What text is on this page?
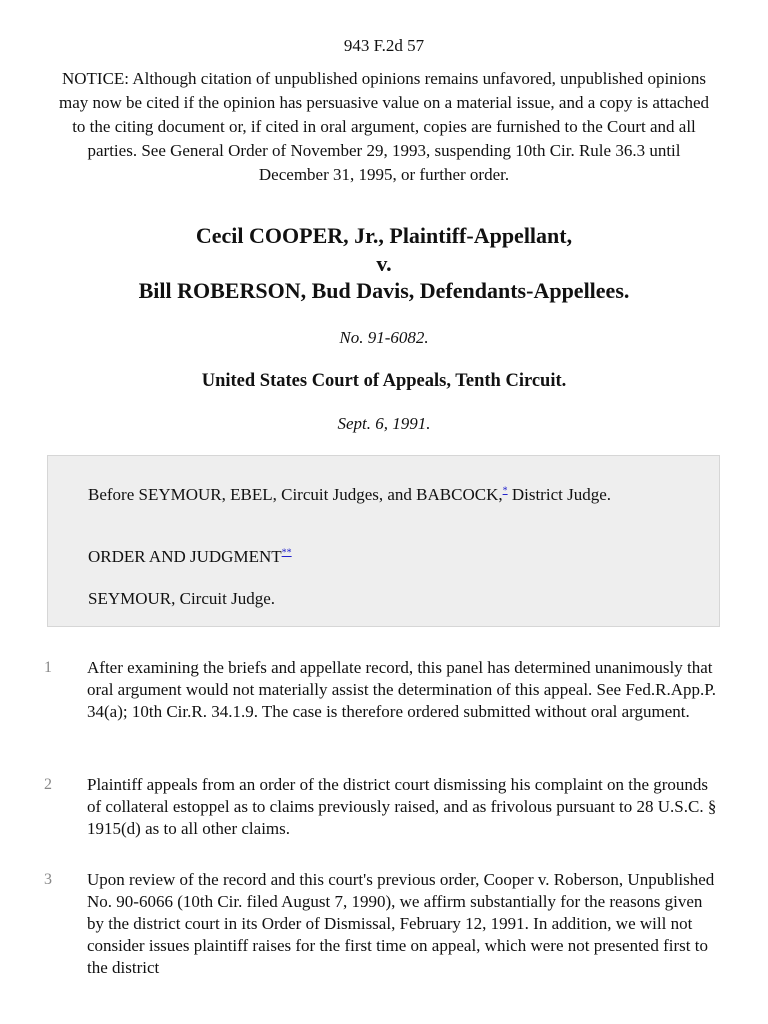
943 F.2d 57
NOTICE: Although citation of unpublished opinions remains unfavored, unpublished opinions may now be cited if the opinion has persuasive value on a material issue, and a copy is attached to the citing document or, if cited in oral argument, copies are furnished to the Court and all parties. See General Order of November 29, 1993, suspending 10th Cir. Rule 36.3 until December 31, 1995, or further order.
Cecil COOPER, Jr., Plaintiff-Appellant,
v.
Bill ROBERSON, Bud Davis, Defendants-Appellees.
No. 91-6082.
United States Court of Appeals, Tenth Circuit.
Sept. 6, 1991.

Before SEYMOUR, EBEL, Circuit Judges, and BABCOCK,* District Judge.

ORDER AND JUDGMENT**

SEYMOUR, Circuit Judge.

1	After examining the briefs and appellate record, this panel has determined unanimously that oral argument would not materially assist the determination of this appeal. See Fed.R.App.P. 34(a); 10th Cir.R. 34.1.9. The case is therefore ordered submitted without oral argument.

2	Plaintiff appeals from an order of the district court dismissing his complaint on the grounds of collateral estoppel as to claims previously raised, and as frivolous pursuant to 28 U.S.C. § 1915(d) as to all other claims.

3	Upon review of the record and this court's previous order, Cooper v. Roberson, Unpublished No. 90-6066 (10th Cir. filed August 7, 1990), we affirm substantially for the reasons given by the district court in its Order of Dismissal, February 12, 1991. In addition, we will not consider issues plaintiff raises for the first time on appeal, which were not presented first to the district
